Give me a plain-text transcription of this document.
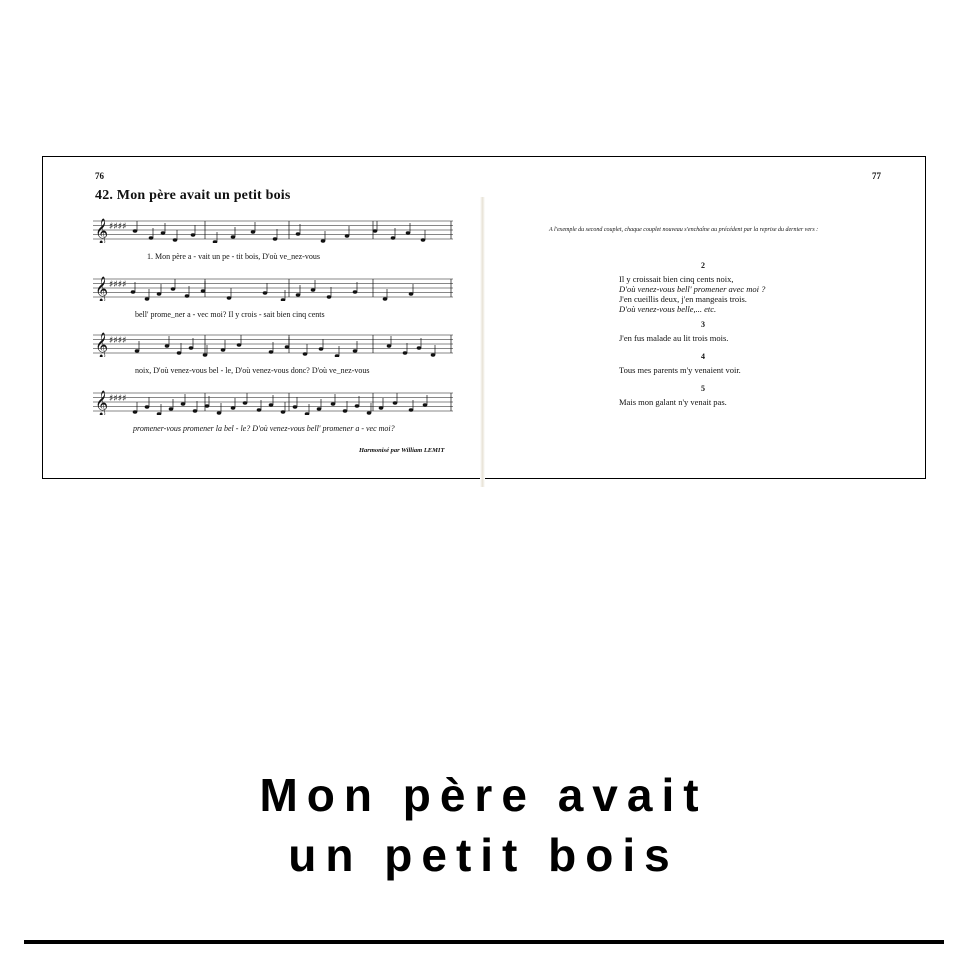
76	77
42. Mon père avait un petit bois
𝄞 ♯♯♯♯
1. Mon père a - vait un pe - tit bois, D'où ve_nez-vous
𝄞 ♯♯♯♯
bell' prome_ner a - vec moi? Il y crois - sait bien cinq cents
𝄞 ♯♯♯♯
noix, D'où venez-vous bel - le, D'où venez-vous donc? D'où ve_nez-vous
𝄞 ♯♯♯♯
promener-vous promener la bel - le? D'où venez-vous bell' promener a - vec moi?
Harmonisé par William LEMIT
A l'exemple du second couplet, chaque couplet nouveau s'enchaîne au précédent par la reprise du dernier vers :
2
Il y croissait bien cinq cents noix,
D'où venez-vous bell' promener avec moi ?
J'en cueillis deux, j'en mangeais trois.
D'où venez-vous belle,... etc.
3
J'en fus malade au lit trois mois.
4
Tous mes parents m'y venaient voir.
5
Mais mon galant n'y venait pas.
Mon père avait
un petit bois
